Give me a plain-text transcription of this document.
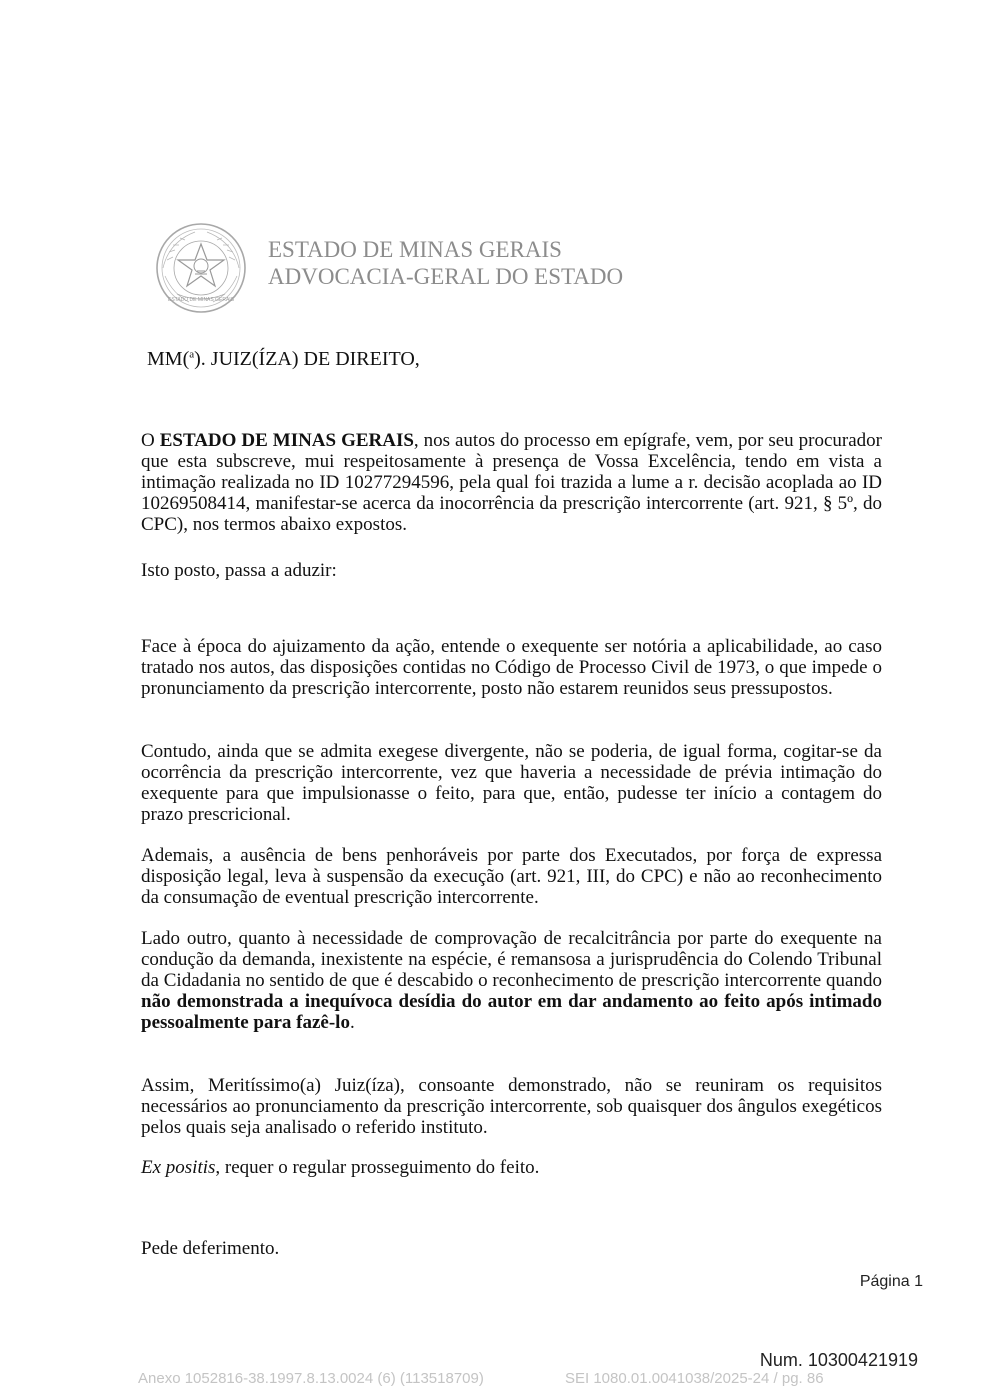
ESTADO DE MINAS GERAIS
ESTADO DE MINAS GERAIS
ADVOCACIA-GERAL DO ESTADO
MM($^a$). JUIZ(ÍZA) DE DIREITO,

O ESTADO DE MINAS GERAIS, nos autos do processo em epígrafe, vem, por seu procurador que esta subscreve, mui respeitosamente à presença de Vossa Excelência, tendo em vista a intimação realizada no ID 10277294596, pela qual foi trazida a lume a r. decisão acoplada ao ID 10269508414, manifestar-se acerca da inocorrência da prescrição intercorrente (art. 921, § 5º, do CPC), nos termos abaixo expostos.

Isto posto, passa a aduzir:

Face à época do ajuizamento da ação, entende o exequente ser notória a aplicabilidade, ao caso tratado nos autos, das disposições contidas no Código de Processo Civil de 1973, o que impede o pronunciamento da prescrição intercorrente, posto não estarem reunidos seus pressupostos.

Contudo, ainda que se admita exegese divergente, não se poderia, de igual forma, cogitar-se da ocorrência da prescrição intercorrente, vez que haveria a necessidade de prévia intimação do exequente para que impulsionasse o feito, para que, então, pudesse ter início a contagem do prazo prescricional.

Ademais, a ausência de bens penhoráveis por parte dos Executados, por força de expressa disposição legal, leva à suspensão da execução (art. 921, III, do CPC) e não ao reconhecimento da consumação de eventual prescrição intercorrente.

Lado outro, quanto à necessidade de comprovação de recalcitrância por parte do exequente na condução da demanda, inexistente na espécie, é remansosa a jurisprudência do Colendo Tribunal da Cidadania no sentido de que é descabido o reconhecimento de prescrição intercorrente quando não demonstrada a inequívoca desídia do autor em dar andamento ao feito após intimado pessoalmente para fazê-lo.

Assim, Meritíssimo(a) Juiz(íza), consoante demonstrado, não se reuniram os requisitos necessários ao pronunciamento da prescrição intercorrente, sob quaisquer dos ângulos exegéticos pelos quais seja analisado o referido instituto.

Ex positis, requer o regular prosseguimento do feito.

Pede deferimento.

Página 1
Num. 10300421919
Anexo 1052816-38.1997.8.13.0024 (6) (113518709)	SEI 1080.01.0041038/2025-24 / pg. 86
